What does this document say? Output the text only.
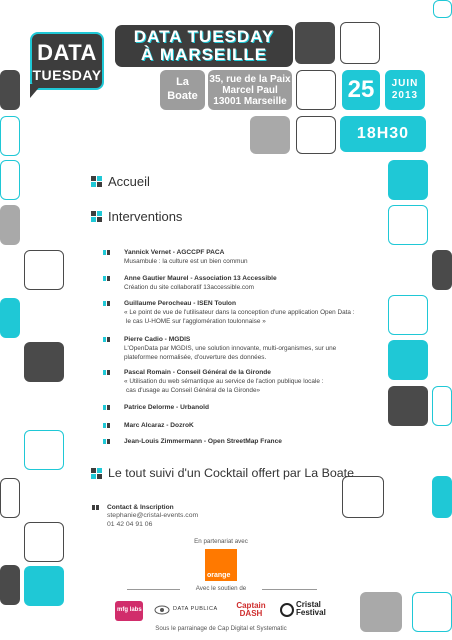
DATA
TUESDAY
DATA TUESDAY
À MARSEILLE
La
Boate
35, rue de la Paix
Marcel Paul
13001 Marseille	25	JUIN
2013
18H30
Accueil
Interventions
Yannick Vernet - AGCCPF PACA
Musambule : la culture est un bien commun
Anne Gautier Maurel - Association 13 Accessible
Création du site collaboratif 13accessible.com
Guillaume Perocheau - ISEN Toulon
« Le point de vue de l'utilisateur dans la conception d'une application Open Data :
le cas U-HOME sur l'agglomération toulonnaise »
Pierre Cadio - MGDIS
L'OpenData par MGDIS, une solution innovante, multi-organismes, sur une
plateformee normalisée, d'ouverture des données.
Pascal Romain - Conseil Général de la Gironde
« Utilisation du web sémantique au service de l'action publique locale :
cas d'usage au Conseil Général de la Gironde»
Patrice Delorme - Urbanoïd
Marc Alcaraz - DozroK
Jean-Louis Zimmermann - Open StreetMap France
Le tout suivi d'un Cocktail offert par La Boate
Contact & Inscription
stephanie@cristal-events.com
01 42 04 91 06
En partenariat avec
orange
Avec le soutien de
mfg labs	DATA PUBLICA Captain DASH
Cristal Festival
Sous le parrainage de Cap Digital et Systematic
